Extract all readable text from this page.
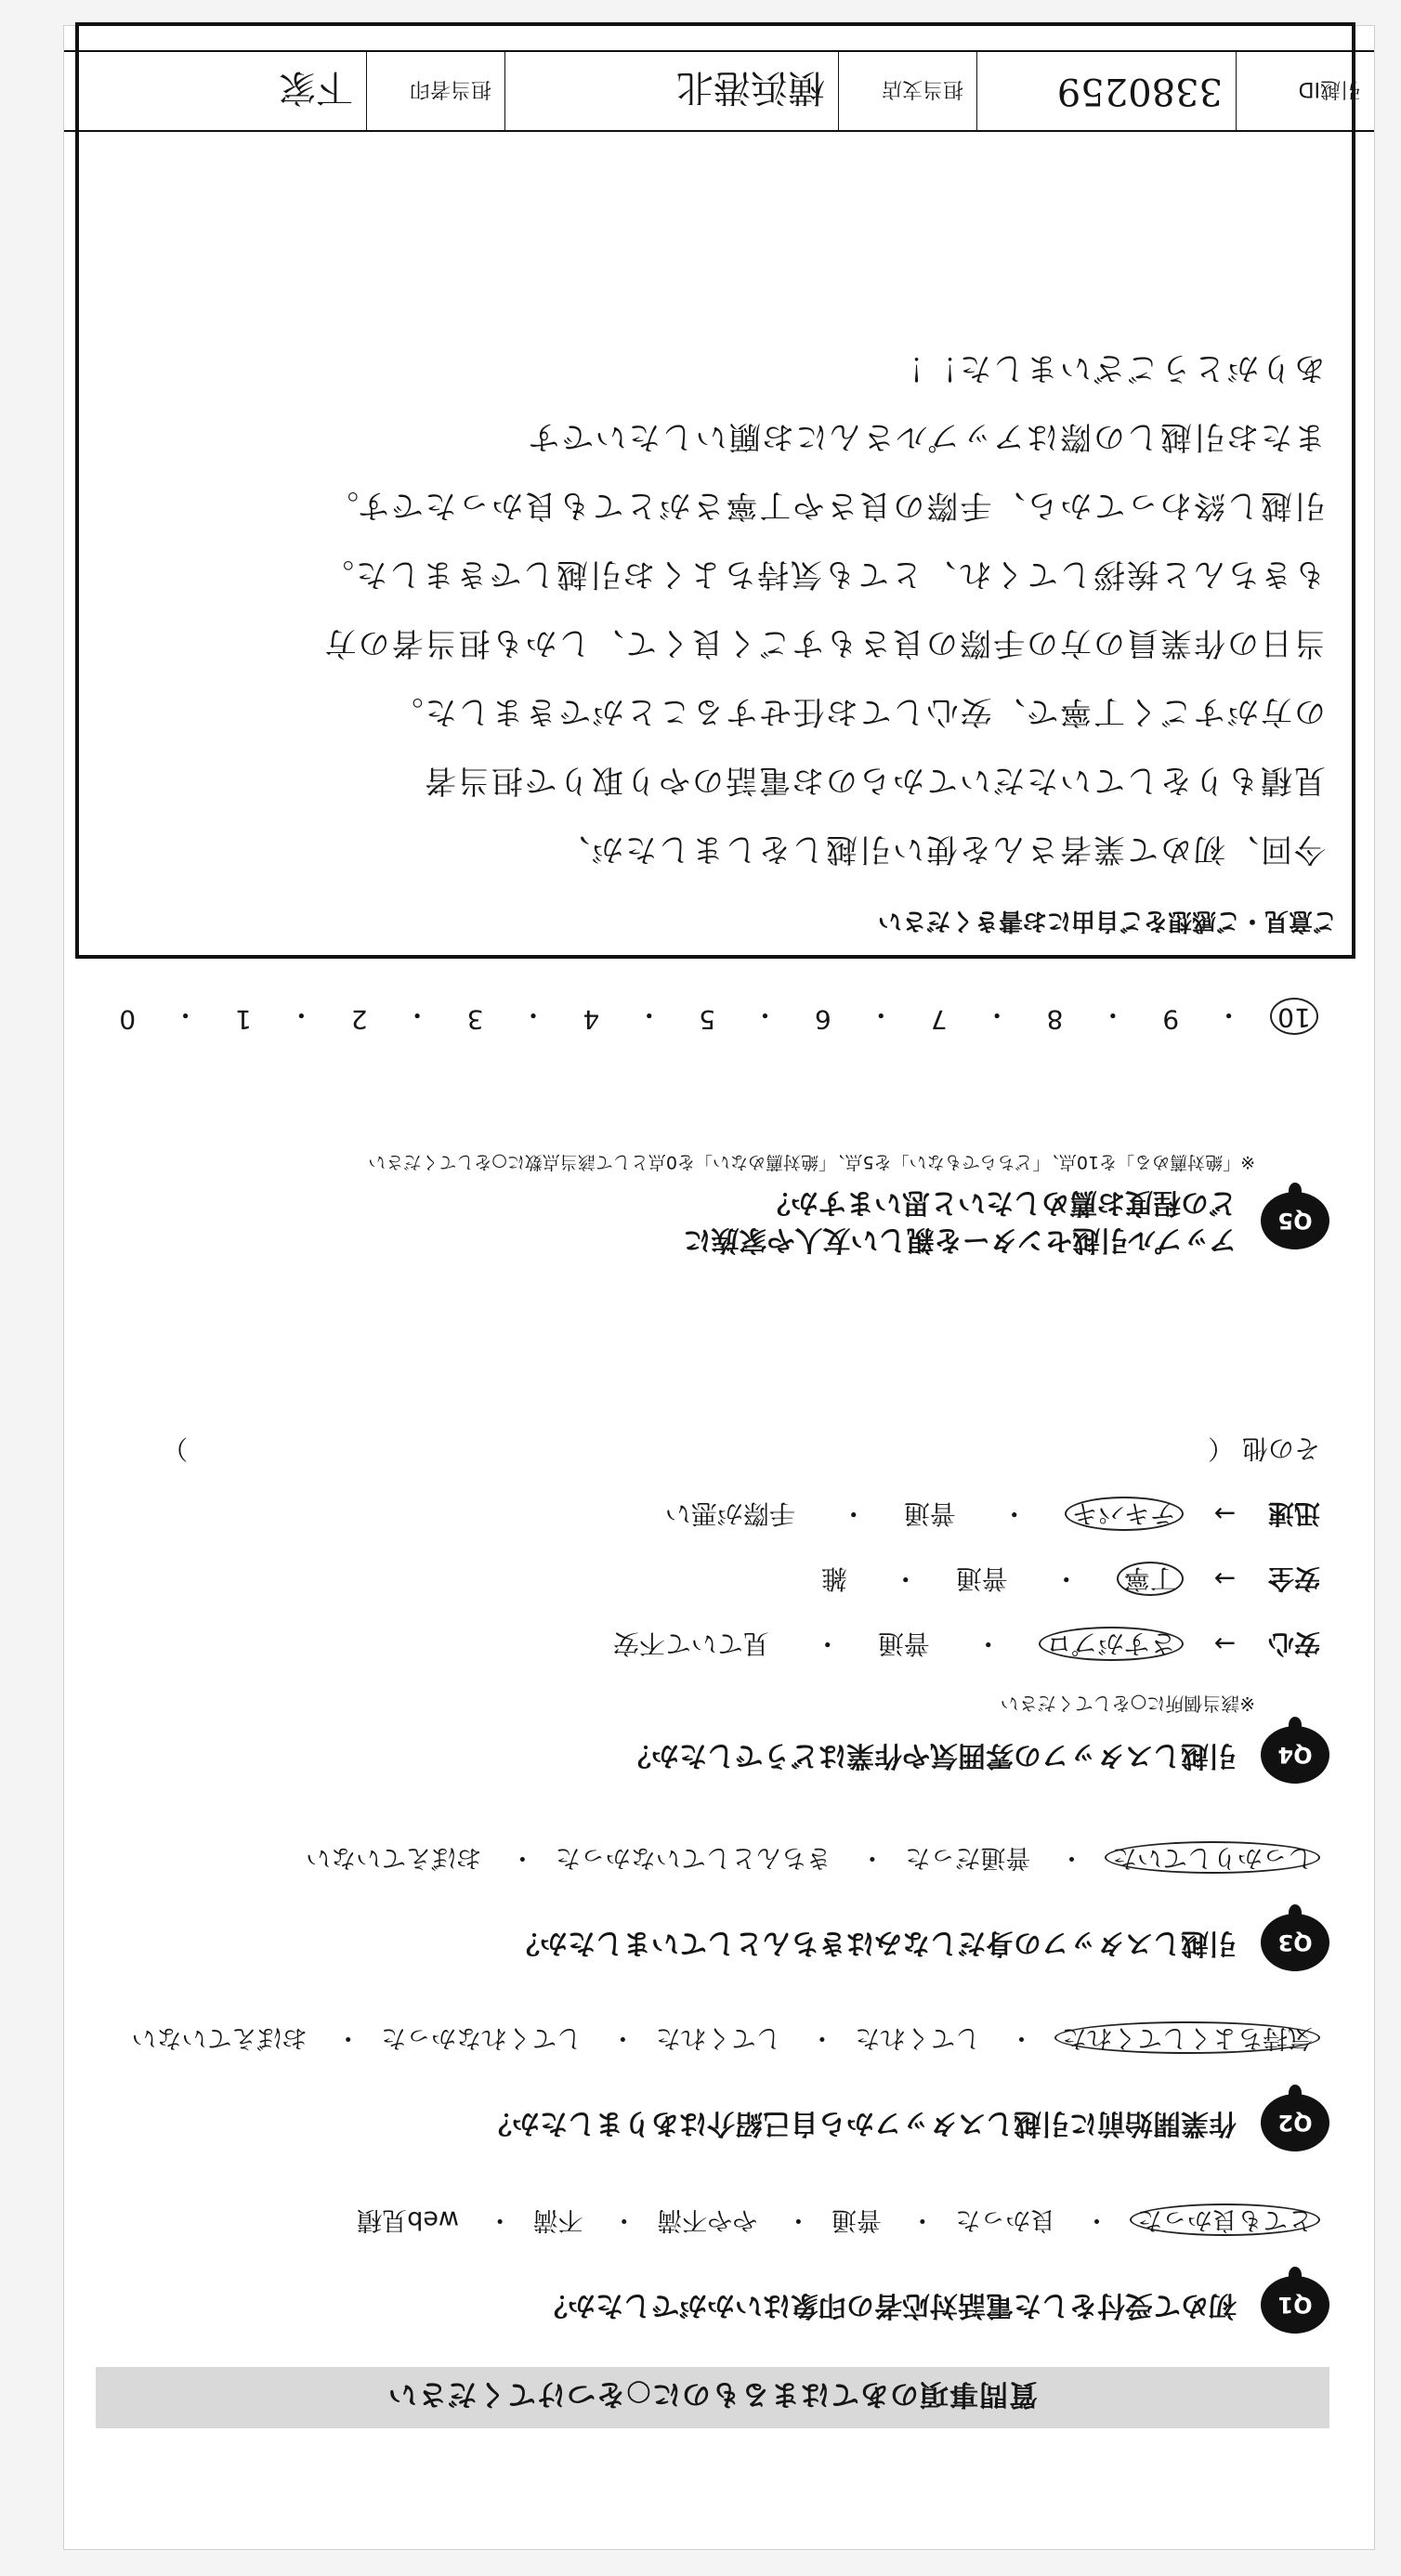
質問事項のあてはまるものに○をつけてください
Q1
初めて受付をした電話対応者の印象はいかがでしたか？
とても良かった・ 良かった・ 普通・ やや不満・ 不満・ web見積
Q2
作業開始前に引越しスタッフから自己紹介はありましたか？
気持ちよくしてくれた・ してくれた・ してくれた・ してくれなかった・ おぼえていない
Q3
引越しスタッフの身だしなみはきちんとしていましたか？
しっかりしていた・ 普通だった・ きちんとしていなかった・ おぼえていない
Q4
引越しスタッフの雰囲気や作業はどうでしたか？
※該当個所に○をしてください
安心 → さすがプロ・ 普通・ 見ていて不安
安全 → 丁寧・ 普通・ 雑
迅速 → テキパキ・ 普通・ 手際が悪い
その他 （  ）
Q5
アップル引越センターを親しい友人や家族に
どの程度お薦めしたいと思いますか？
※「絶対薦める」を10点、「どちらでもない」を5点、「絶対薦めない」を0点として該当点数に○をしてください
10
・
9
・
8
・
7
・
6
・
5
・
4
・
3
・
2
・
1
・
0
ご意見・ご感想をご自由にお書きください
今回、初めて業者さんを使い引越しをしましたが、
見積もりをしていただいてからのお電話のやり取りで担当者
の方がすごく丁寧で、安心してお任せすることができました。
当日の作業員の方の手際の良さもすごく良くて、しかも担当者の方
もきちんと挨拶してくれ、とても気持ちよくお引越しできました。
引越し終わってから、手際の良さや丁寧さがとても良かったです。
またお引越しの際はアップルさんにお願いしたいです
ありがとうございました！！
引越ID
3380259
担当支店
横浜港北
担当者印
下家
